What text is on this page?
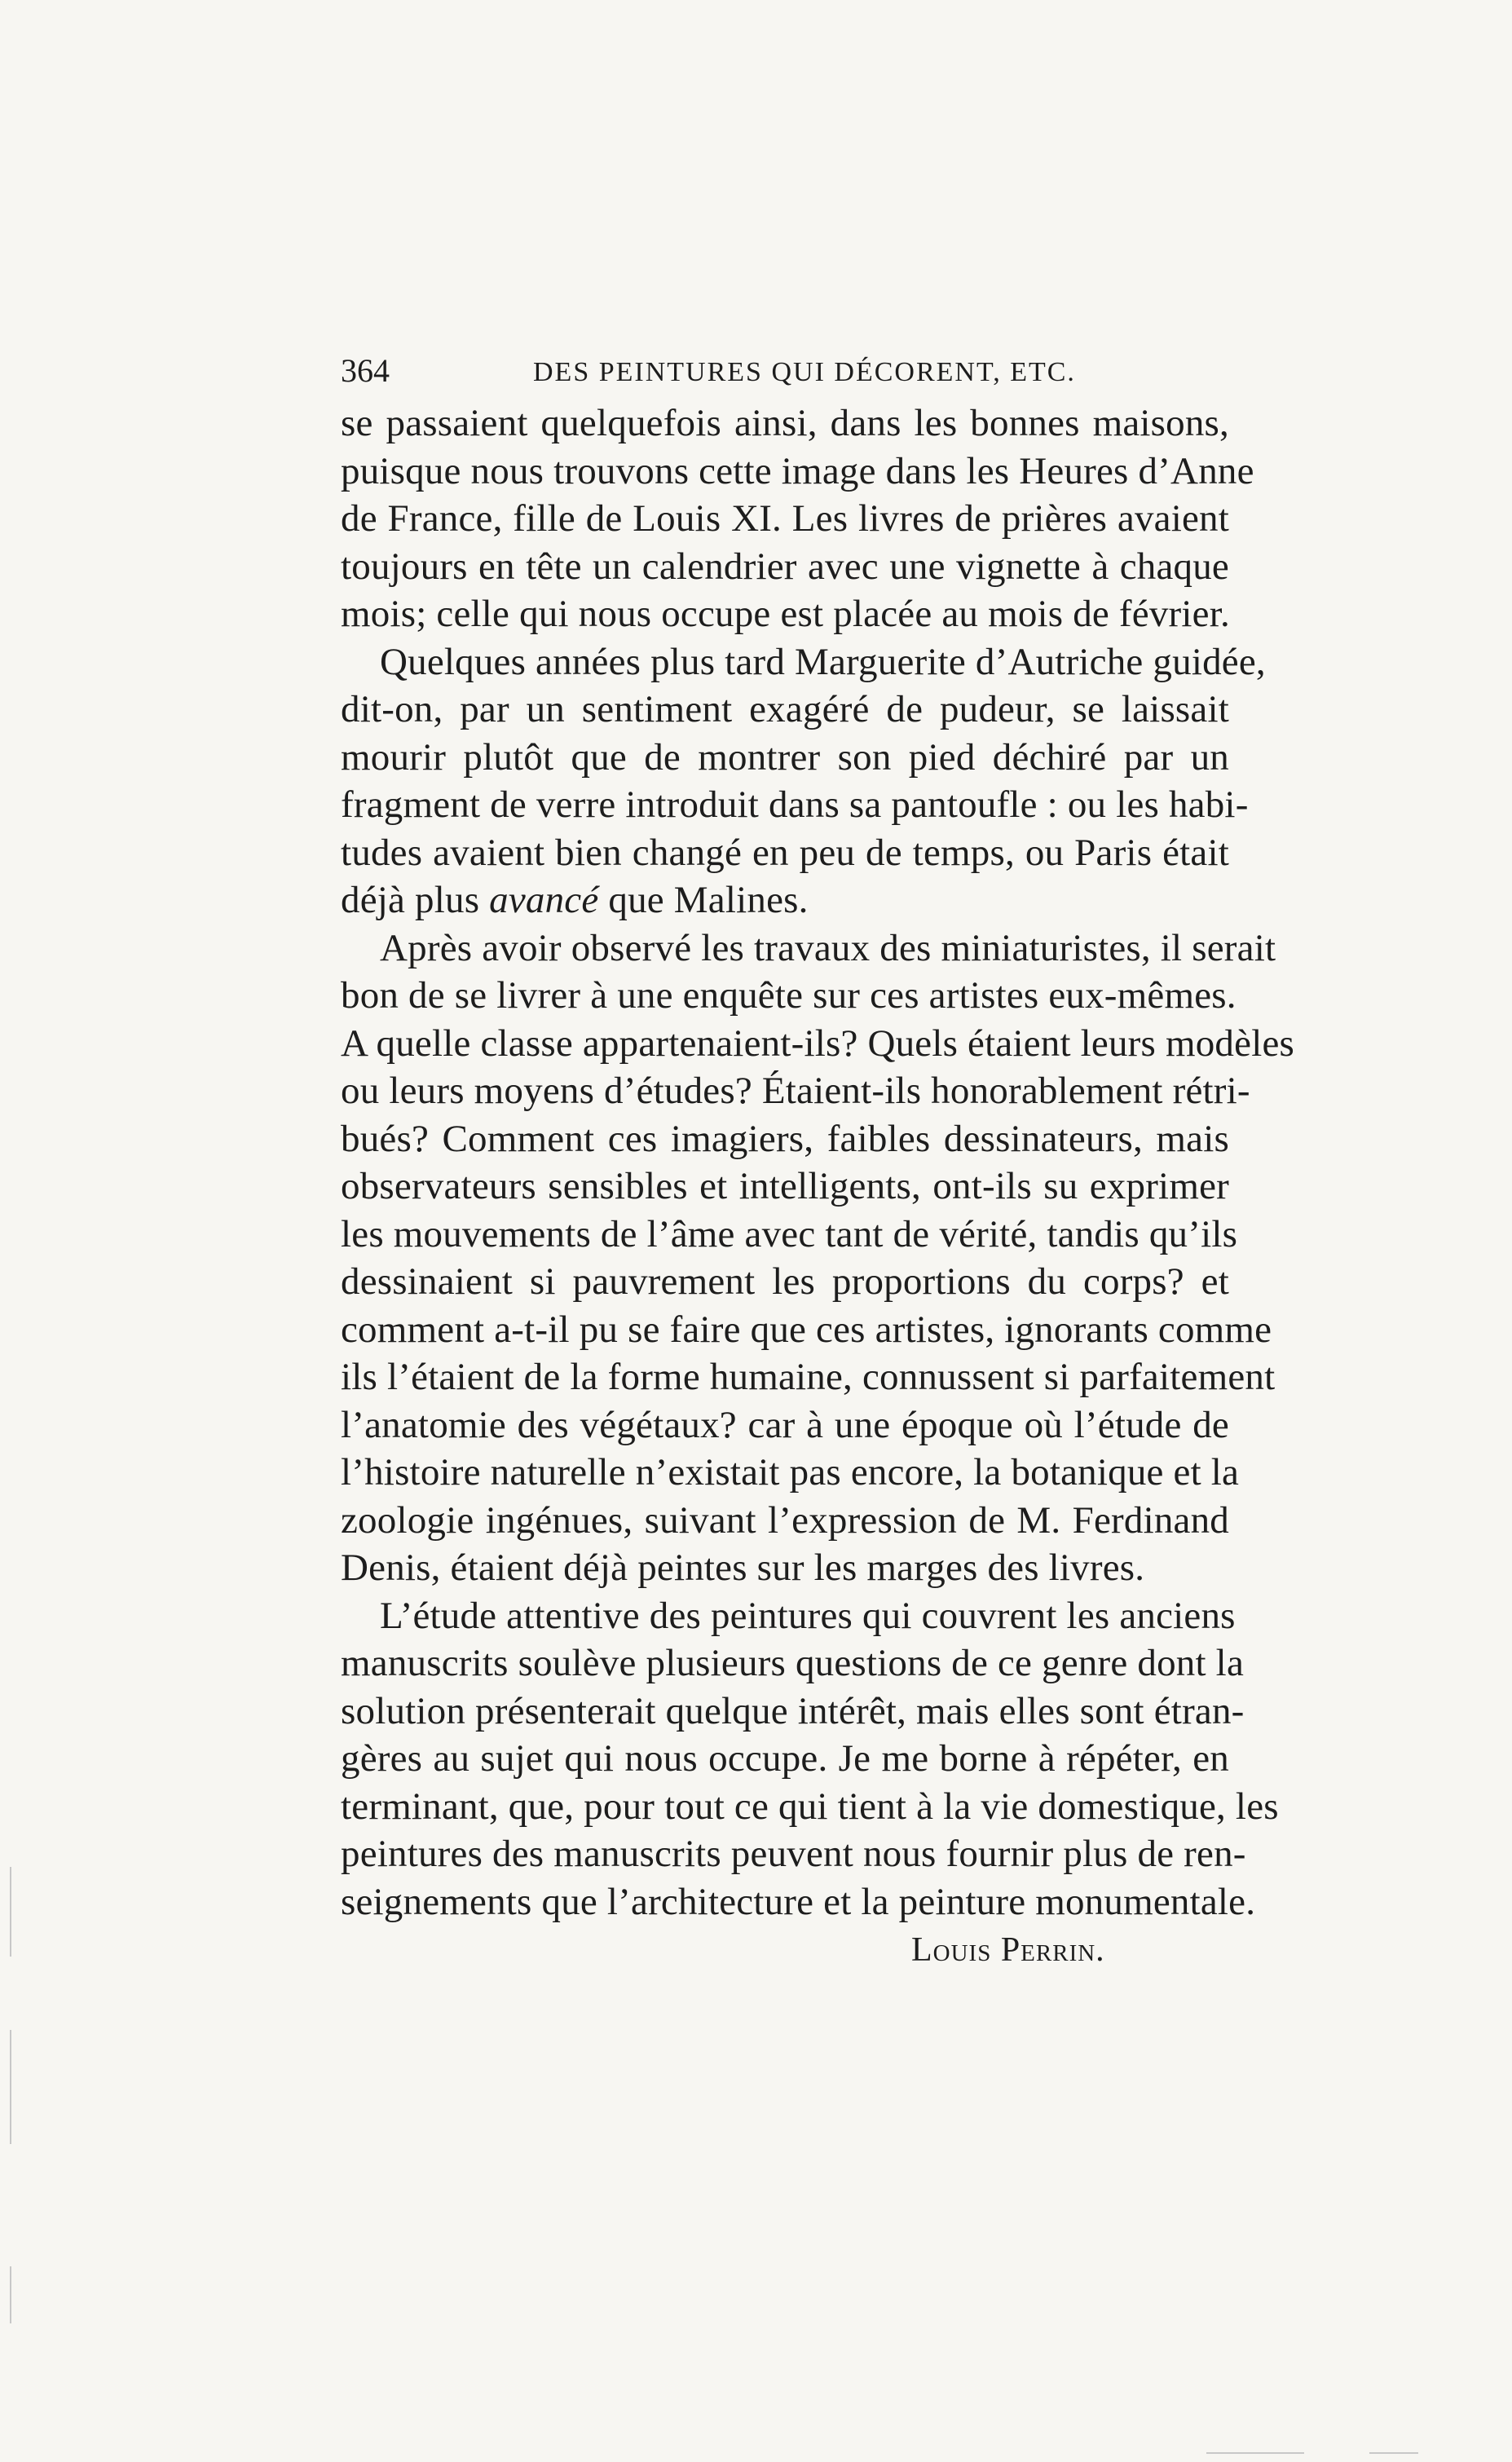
364	DES PEINTURES QUI DÉCORENT, ETC.
se passaient quelquefois ainsi, dans les bonnes maisons,
puisque nous trouvons cette image dans les Heures d’Anne
de France, fille de Louis XI. Les livres de prières avaient
toujours en tête un calendrier avec une vignette à chaque
mois; celle qui nous occupe est placée au mois de février.
Quelques années plus tard Marguerite d’Autriche guidée,
dit-on, par un sentiment exagéré de pudeur, se laissait
mourir plutôt que de montrer son pied déchiré par un
fragment de verre introduit dans sa pantoufle : ou les habi-
tudes avaient bien changé en peu de temps, ou Paris était
déjà plus avancé que Malines.
Après avoir observé les travaux des miniaturistes, il serait
bon de se livrer à une enquête sur ces artistes eux-mêmes.
A quelle classe appartenaient-ils? Quels étaient leurs modèles
ou leurs moyens d’études? Étaient-ils honorablement rétri-
bués? Comment ces imagiers, faibles dessinateurs, mais
observateurs sensibles et intelligents, ont-ils su exprimer
les mouvements de l’âme avec tant de vérité, tandis qu’ils
dessinaient si pauvrement les proportions du corps? et
comment a-t-il pu se faire que ces artistes, ignorants comme
ils l’étaient de la forme humaine, connussent si parfaitement
l’anatomie des végétaux? car à une époque où l’étude de
l’histoire naturelle n’existait pas encore, la botanique et la
zoologie ingénues, suivant l’expression de M. Ferdinand
Denis, étaient déjà peintes sur les marges des livres.
L’étude attentive des peintures qui couvrent les anciens
manuscrits soulève plusieurs questions de ce genre dont la
solution présenterait quelque intérêt, mais elles sont étran-
gères au sujet qui nous occupe. Je me borne à répéter, en
terminant, que, pour tout ce qui tient à la vie domestique, les
peintures des manuscrits peuvent nous fournir plus de ren-
seignements que l’architecture et la peinture monumentale.
Louis Perrin.
